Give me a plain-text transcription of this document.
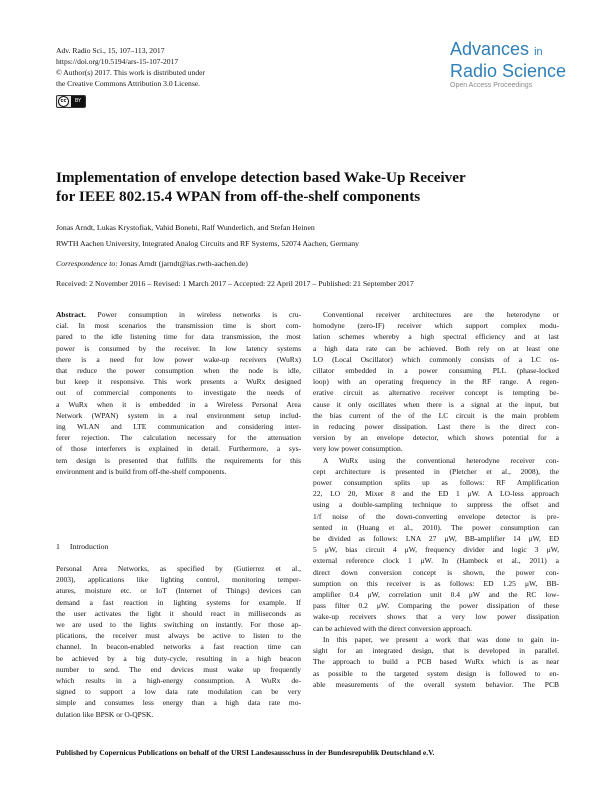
Adv. Radio Sci., 15, 107–113, 2017
https://doi.org/10.5194/ars-15-107-2017
© Author(s) 2017. This work is distributed under
the Creative Commons Attribution 3.0 License.
cc	BY
Advances in
Radio Science
Open Access Proceedings
Implementation of envelope detection based Wake-Up Receiver
for IEEE 802.15.4 WPAN from off-the-shelf components
Jonas Arndt, Lukas Krystofiak, Vahid Bonehi, Ralf Wunderlich, and Stefan Heinen
RWTH Aachen University, Integrated Analog Circuits and RF Systems, 52074 Aachen, Germany
Correspondence to: Jonas Arndt (jarndt@ias.rwth-aachen.de)
Received: 2 November 2016 – Revised: 1 March 2017 – Accepted: 22 April 2017 – Published: 21 September 2017
Abstract. Power consumption in wireless networks is cru-
cial. In most scenarios the transmission time is short com-
pared to the idle listening time for data transmission, the most
power is consumed by the receiver. In low latency systems
there is a need for low power wake-up receivers (WuRx)
that reduce the power consumption when the node is idle,
but keep it responsive. This work presents a WuRx designed
out of commercial components to investigate the needs of
a WuRx when it is embedded in a Wireless Personal Area
Network (WPAN) system in a real environment setup includ-
ing WLAN and LTE communication and considering inter-
ferer rejection. The calculation necessary for the attenuation
of those interferers is explained in detail. Furthermore, a sys-
tem design is presented that fulfills the requirements for this
environment and is build from off-the-shelf components.
1 Introduction
Personal Area Networks, as specified by (Gutierrez et al.,
2003), applications like lighting control, monitoring temper-
atures, moisture etc. or IoT (Internet of Things) devices can
demand a fast reaction in lighting systems for example. If
the user activates the light it should react in milliseconds as
we are used to the lights switching on instantly. For those ap-
plications, the receiver must always be active to listen to the
channel. In beacon-enabled networks a fast reaction time can
be achieved by a big duty-cycle, resulting in a high beacon
number to send. The end devices must wake up frequently
which results in a high-energy consumption. A WuRx de-
signed to support a low data rate modulation can be very
simple and consumes less energy than a high data rate mo-
dulation like BPSK or O-QPSK.
Conventional receiver architectures are the heterodyne or
homodyne (zero-IF) receiver which support complex modu-
lation schemes whereby a high spectral efficiency and at last
a high data rate can be achieved. Both rely on at least one
LO (Local Oscillator) which commonly consists of a LC os-
cillator embedded in a power consuming PLL (phase-locked
loop) with an operating frequency in the RF range. A regen-
erative circuit as alternative receiver concept is tempting be-
cause it only oscillates when there is a signal at the input, but
the bias current of the of the LC circuit is the main problem
in reducing power dissipation. Last there is the direct con-
version by an envelope detector, which shows potential for a
very low power consumption.
A WuRx using the conventional heterodyne receiver con-
cept architecture is presented in (Pletcher et al., 2008), the
power consumption splits up as follows: RF Amplification
22, LO 20, Mixer 8 and the ED 1 μW. A LO-less approach
using a double-sampling technique to suppress the offset and
1/f noise of the down-converting envelope detector is pre-
sented in (Huang et al., 2010). The power consumption can
be divided as follows: LNA 27 μW, BB-amplifier 14 μW, ED
5 μW, bias circuit 4 μW, frequency divider and logic 3 μW,
external reference clock 1 μW. In (Hambeck et al., 2011) a
direct down conversion concept is shown, the power con-
sumption on this receiver is as follows: ED 1.25 μW, BB-
amplifier 0.4 μW, correlation unit 0.4 μW and the RC low-
pass filter 0.2 μW. Comparing the power dissipation of these
wake-up receivers shows that a very low power dissipation
can be achieved with the direct conversion approach.
In this paper, we present a work that was done to gain in-
sight for an integrated design, that is developed in parallel.
The approach to build a PCB based WuRx which is as near
as possible to the targeted system design is followed to en-
able measurements of the overall system behavior. The PCB
Published by Copernicus Publications on behalf of the URSI Landesausschuss in der Bundesrepublik Deutschland e.V.
